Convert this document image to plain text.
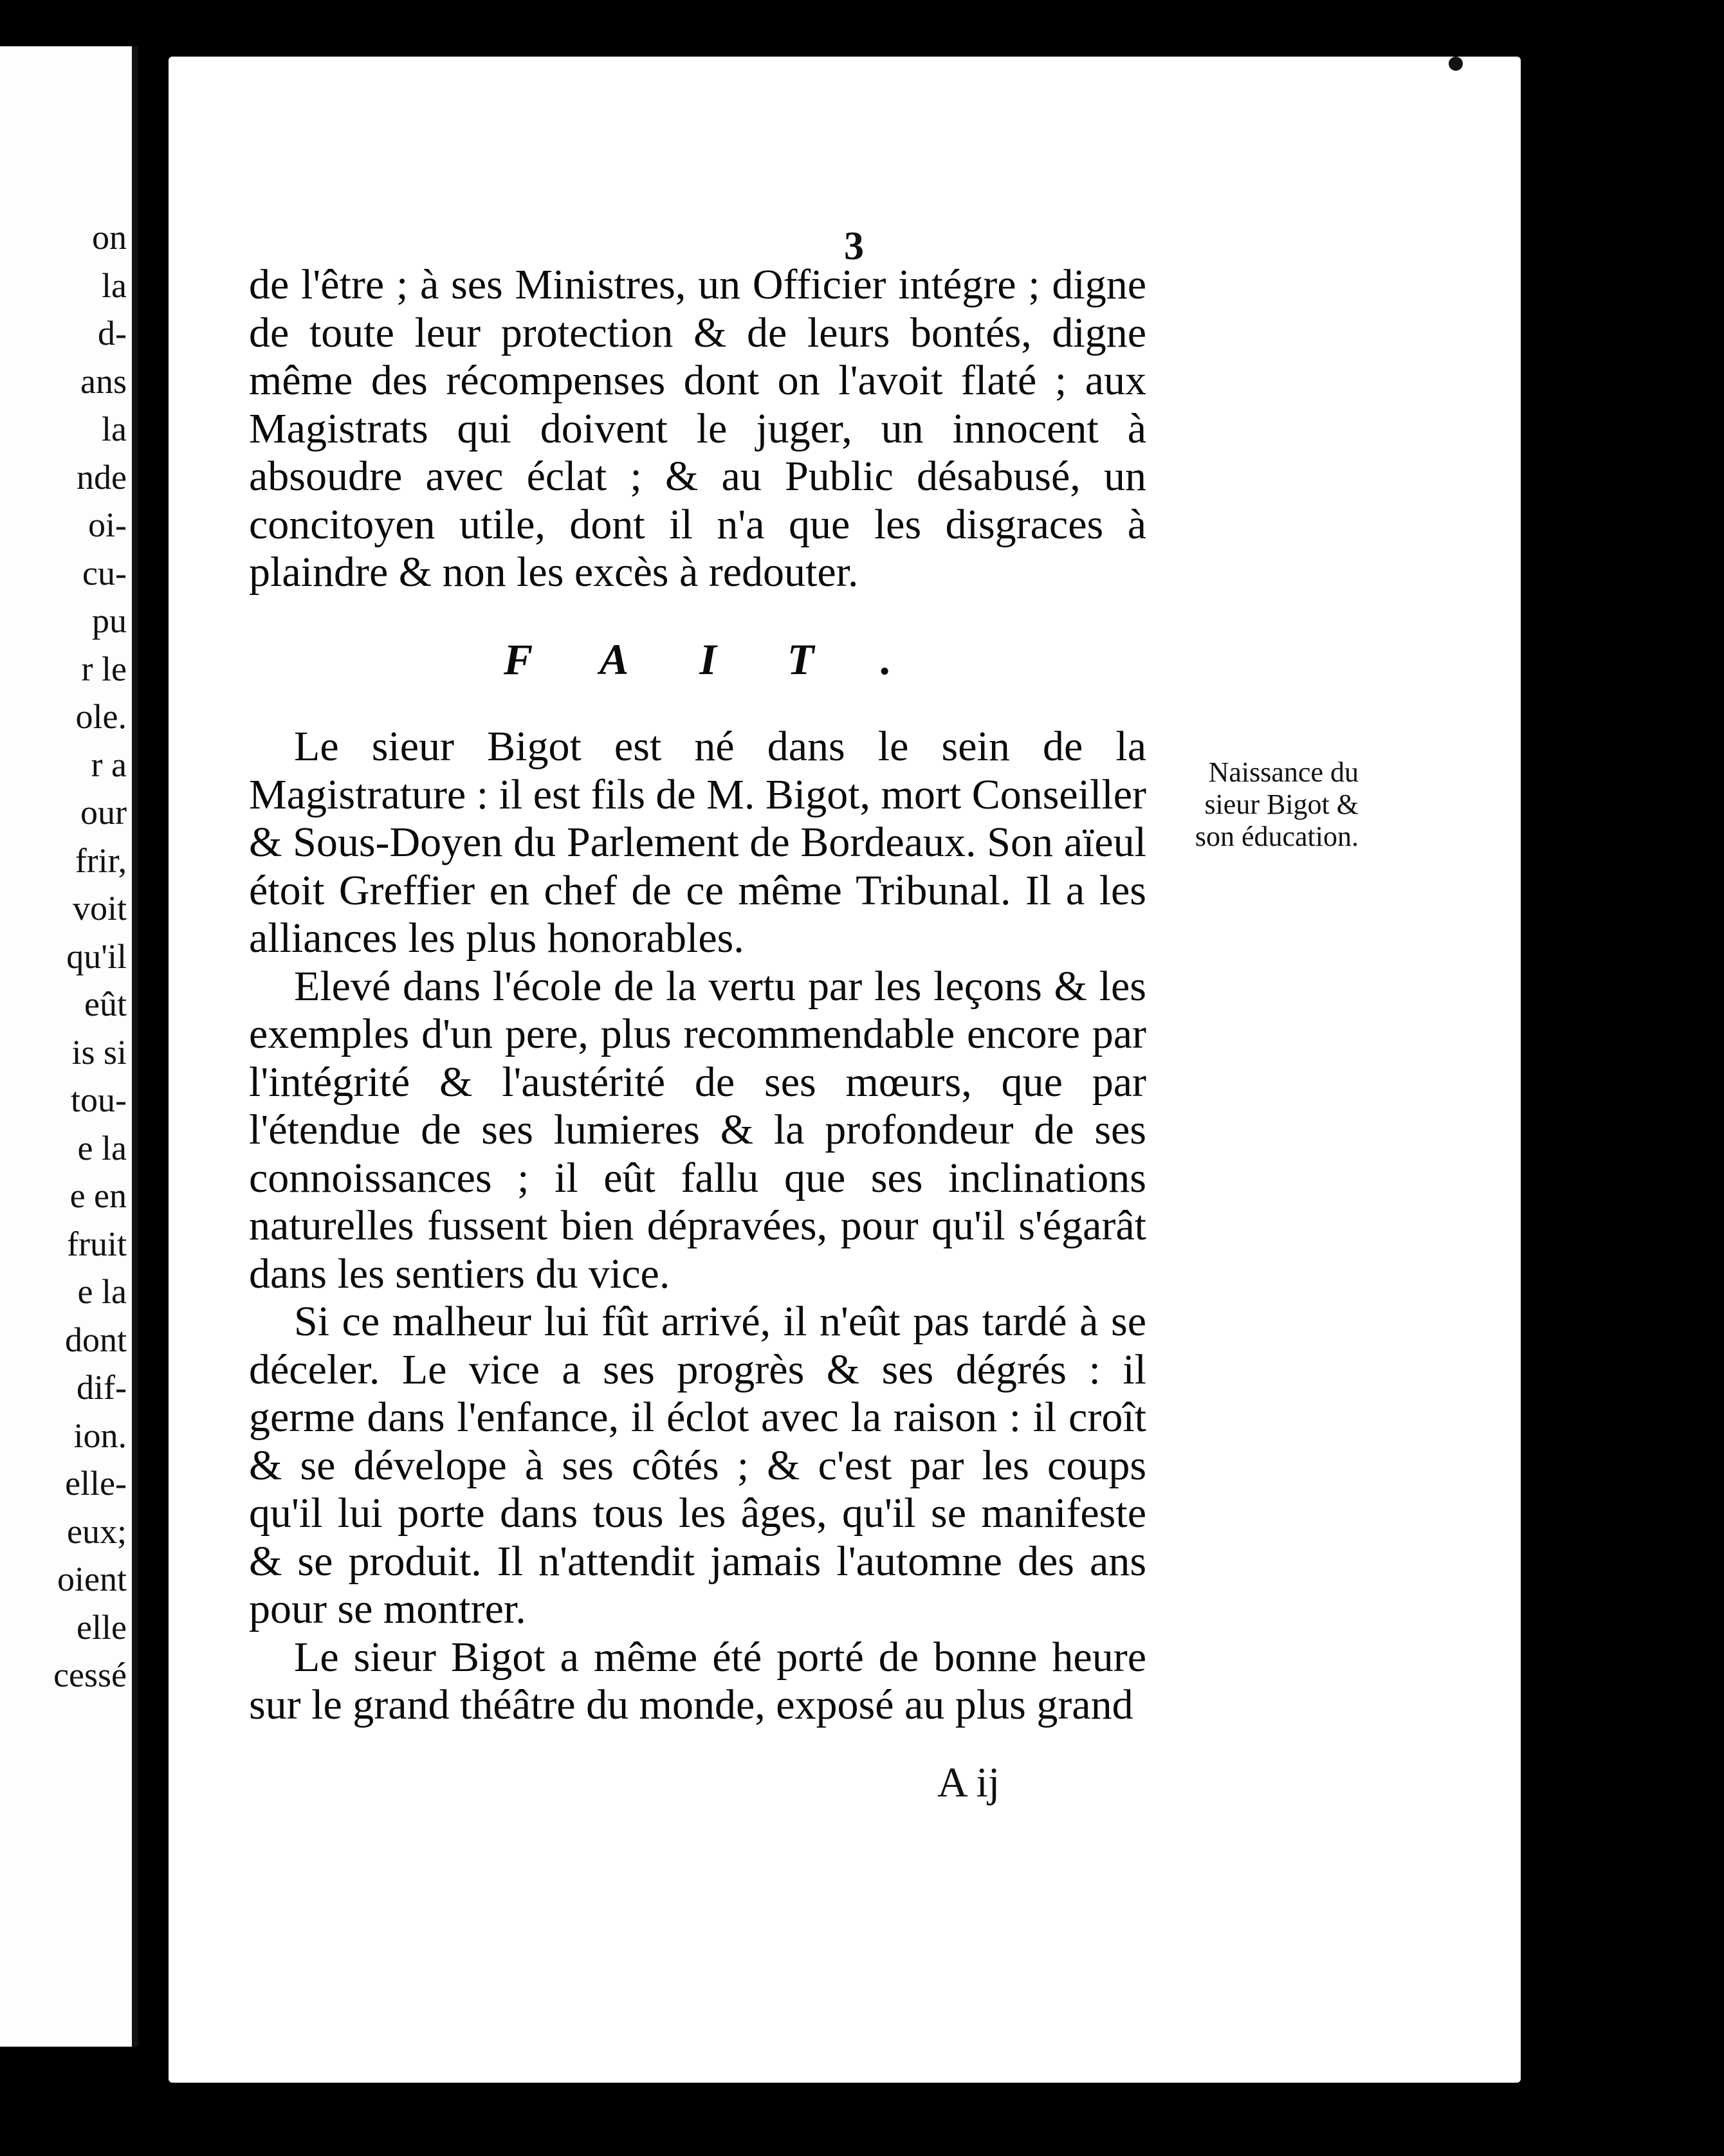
on
la
d-
ans
la
nde
oi-
cu-
pu
r le
ole.
r a
our
frir,
voit
qu'il
eût
is si
tou-
e la
e en
fruit
e la
dont
dif-
ion.
elle-
eux;
oient
elle
cessé
3

de l'être ; à ses Ministres, un Officier intégre ; digne de toute leur protection & de leurs bontés, digne même des récompenses dont on l'avoit flaté ; aux Magistrats qui doivent le juger, un innocent à absoudre avec éclat ; & au Public désabusé, un concitoyen utile, dont il n'a que les disgraces à plaindre & non les excès à redouter.

FAIT.

Le sieur Bigot est né dans le sein de la Magistrature : il est fils de M. Bigot, mort Conseiller & Sous-Doyen du Parlement de Bordeaux. Son aïeul étoit Greffier en chef de ce même Tribunal. Il a les alliances les plus honorables.

Elevé dans l'école de la vertu par les leçons & les exemples d'un pere, plus recommendable encore par l'intégrité & l'austérité de ses mœurs, que par l'étendue de ses lumieres & la profondeur de ses connoissances ; il eût fallu que ses inclinations naturelles fussent bien dépravées, pour qu'il s'égarât dans les sentiers du vice.

Si ce malheur lui fût arrivé, il n'eût pas tardé à se déceler. Le vice a ses progrès & ses dégrés : il germe dans l'enfance, il éclot avec la raison : il croît & se dévelope à ses côtés ; & c'est par les coups qu'il lui porte dans tous les âges, qu'il se manifeste & se produit. Il n'attendit jamais l'automne des ans pour se montrer.

Le sieur Bigot a même été porté de bonne heure sur le grand théâtre du monde, exposé au plus grand

Naissance du
sieur Bigot &
son éducation.
A ij
